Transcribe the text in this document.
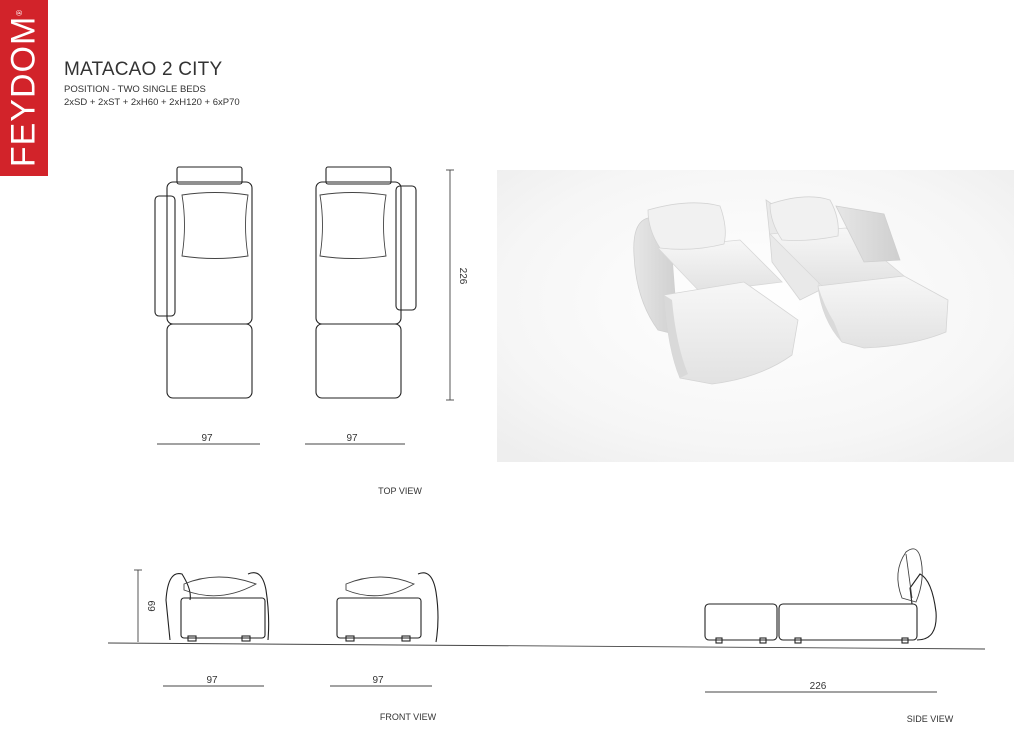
FEYDOM®
MATACAO 2 CITY
POSITION - TWO SINGLE BEDS
2xSD + 2xST + 2xH60 + 2xH120 + 6xP70
226
97	97
TOP VIEW
69
97	97
FRONT VIEW
226
SIDE VIEW
